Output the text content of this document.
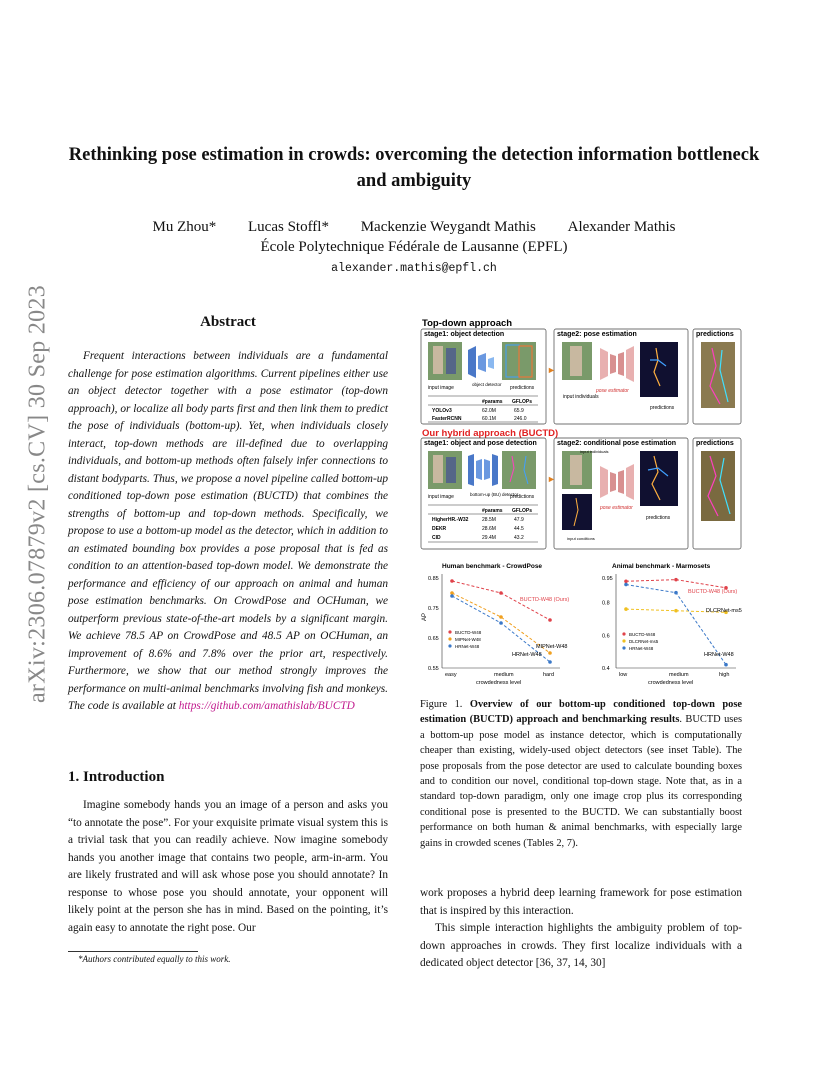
Rethinking pose estimation in crowds: overcoming the detection information bottleneck and ambiguity
Mu Zhou* Lucas Stoffl* Mackenzie Weygandt Mathis Alexander Mathis
École Polytechnique Fédérale de Lausanne (EPFL)
alexander.mathis@epfl.ch
arXiv:2306.07879v2 [cs.CV] 30 Sep 2023	Abstract
Frequent interactions between individuals are a fundamental challenge for pose estimation algorithms. Current pipelines either use an object detector together with a pose estimator (top-down approach), or localize all body parts first and then link them to predict the pose of individuals (bottom-up). Yet, when individuals closely interact, top-down methods are ill-defined due to overlapping individuals, and bottom-up methods often falsely infer connections to distant bodyparts. Thus, we propose a novel pipeline called bottom-up conditioned top-down pose estimation (BUCTD) that combines the strengths of bottom-up and top-down methods. Specifically, we propose to use a bottom-up model as the detector, which in addition to an estimated bounding box provides a pose proposal that is fed as condition to an attention-based top-down model. We demonstrate the performance and efficiency of our approach on animal and human pose estimation benchmarks. On CrowdPose and OCHuman, we outperform previous state-of-the-art models by a significant margin. We achieve 78.5 AP on CrowdPose and 48.5 AP on OCHuman, an improvement of 8.6% and 7.8% over the prior art, respectively. Furthermore, we show that our method strongly improves the performance on multi-animal benchmarks involving fish and monkeys. The code is available at https://github.com/amathislab/BUCTD
1. Introduction
Imagine somebody hands you an image of a person and asks you “to annotate the pose”. For your exquisite primate visual system this is a trivial task that you can readily achieve. Now imagine somebody hands you another image that contains two people, arm-in-arm. You are likely frustrated and will ask whose pose you should annotate? In response to whose pose you should annotate, your opponent will likely point at the person she has in mind. Based on the pointing, it’s again easy to annotate the right pose. Our
*Authors contributed equally to this work.
Top-down approach
stage1: object detection	stage2: pose estimation	predictions
input image
object detector
predictions
#params GFLOPs
YOLOv3	62.0M	65.9
FasterRCNN	60.1M	246.0
►
pose estimator
input individuals
predictions
Our hybrid approach (BUCTD)
stage1: object and pose detection	stage2: conditional pose estimation	predictions
input image	bottom-up (BU) detector
predictions
#params GFLOPs
HigherHR.-W32	28.5M	47.9
DEKR	28.6M	44.5
CID	29.4M	43.2
►
input individuals
input conditions
pose estimator
predictions
Human benchmark - CrowdPose
AP
crowdedness level
0.55
0.65
0.75
0.85
easy	medium	hard
BUCTD-W48
MIPNet-W48
HRNet-W48
BUCTD-W48 (Ours)
MIPNet-W48
HRNet-W48
Animal benchmark - Marmosets
crowdedness level
0.4
0.6
0.8
0.95
low	medium	high
BUCTD-W48
DLCRNet-ms5
HRNet-W48
BUCTD-W48 (Ours)
DLCRNet-ms5
HRNet-W48
Figure 1. Overview of our bottom-up conditioned top-down pose estimation (BUCTD) approach and benchmarking results. BUCTD uses a bottom-up pose model as instance detector, which is computationally cheaper than existing, widely-used object detectors (see inset Table). The pose proposals from the pose detector are used to calculate bounding boxes and to condition our novel, conditional top-down stage. Note that, as in a standard top-down paradigm, only one image crop plus its corresponding conditional pose is presented to the BUCTD. We can substantially boost performance on both human & animal benchmarks, with especially large gains in crowded scenes (Tables 2, 7).

work proposes a hybrid deep learning framework for pose estimation that is inspired by this interaction.

This simple interaction highlights the ambiguity problem of top-down approaches in crowds. They first localize individuals with a dedicated object detector [36, 37, 14, 30]
